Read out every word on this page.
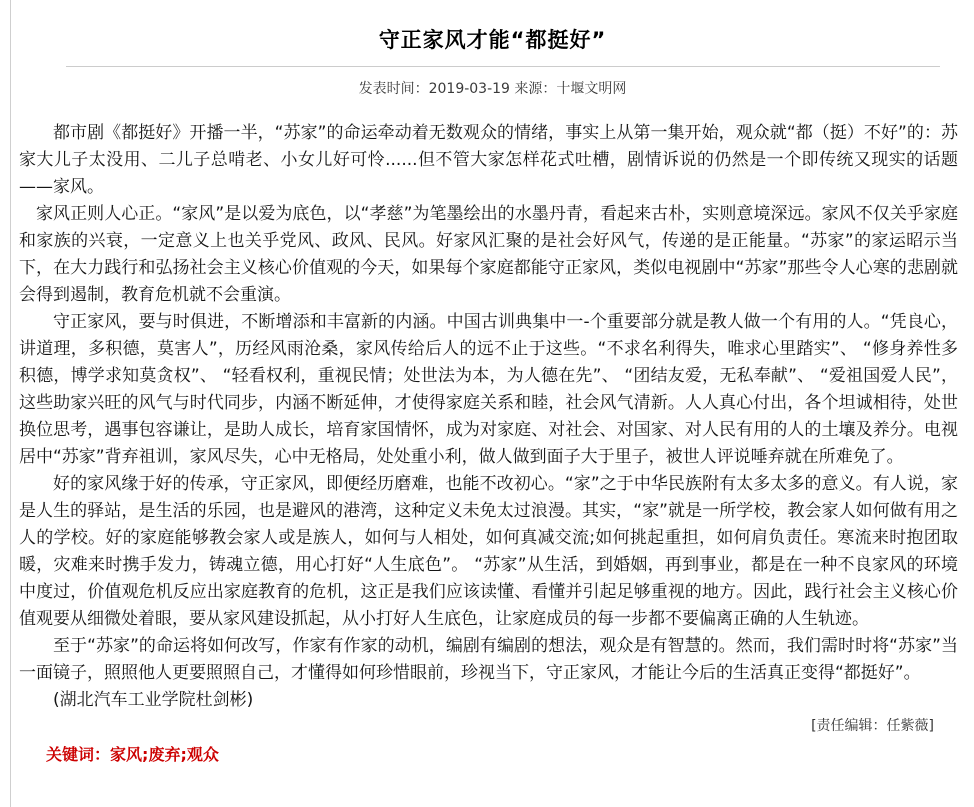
守正家风才能“都挺好”
发表时间：2019-03-19 来源：十堰文明网

都市剧《都挺好》开播一半，“苏家”的命运牵动着无数观众的情绪，事实上从第一集开始，观众就“都（挺）不好”的：苏家大儿子太没用、二儿子总啃老、小女儿好可怜......但不管大家怎样花式吐槽，剧情诉说的仍然是一个即传统又现实的话题——家风。

家风正则人心正。“家风”是以爱为底色，以“孝慈”为笔墨绘出的水墨丹青，看起来古朴，实则意境深远。家风不仅关乎家庭和家族的兴衰，一定意义上也关乎党风、政风、民风。好家风汇聚的是社会好风气，传递的是正能量。“苏家”的家运昭示当下，在大力践行和弘扬社会主义核心价值观的今天，如果每个家庭都能守正家风，类似电视剧中“苏家”那些令人心寒的悲剧就会得到遏制，教育危机就不会重演。

守正家风，要与时俱进，不断增添和丰富新的内涵。中国古训典集中一-个重要部分就是教人做一个有用的人。“凭良心，讲道理，多积德，莫害人”，历经风雨沧桑，家风传给后人的远不止于这些。“不求名利得失，唯求心里踏实”、 “修身养性多积德，博学求知莫贪权”、 “轻看权利，重视民情；处世法为本，为人德在先”、 “团结友爱，无私奉献”、 “爱祖国爱人民”，这些助家兴旺的风气与时代同步，内涵不断延伸，才使得家庭关系和睦，社会风气清新。人人真心付出，各个坦诚相待，处世换位思考，遇事包容谦让，是助人成长，培育家国情怀，成为对家庭、对社会、对国家、对人民有用的人的土壤及养分。电视居中“苏家”背弃祖训，家风尽失，心中无格局，处处重小利，做人做到面子大于里子，被世人评说唾弃就在所难免了。

好的家风缘于好的传承，守正家风，即便经历磨难，也能不改初心。“家”之于中华民族附有太多太多的意义。有人说，家是人生的驿站，是生活的乐园，也是避风的港湾，这种定义未免太过浪漫。其实，“家”就是一所学校，教会家人如何做有用之人的学校。好的家庭能够教会家人或是族人，如何与人相处，如何真减交流;如何挑起重担，如何肩负责任。寒流来时抱团取暖，灾难来时携手发力，铸魂立德，用心打好“人生底色”。 “苏家”从生活，到婚姻，再到事业，都是在一种不良家风的环境中度过，价值观危机反应出家庭教育的危机，这正是我们应该读懂、看懂并引起足够重视的地方。因此，践行社会主义核心价值观要从细微处着眼，要从家风建设抓起，从小打好人生底色，让家庭成员的每一步都不要偏离正确的人生轨迹。

至于“苏家”的命运将如何改写，作家有作家的动机，编剧有编剧的想法，观众是有智慧的。然而，我们需时时将“苏家”当一面镜子，照照他人更要照照自己，才懂得如何珍惜眼前，珍视当下，守正家风，才能让今后的生活真正变得“都挺好”。

(湖北汽车工业学院杜剑彬)

[责任编辑：任紫薇]
关键词：家风;废弃;观众
